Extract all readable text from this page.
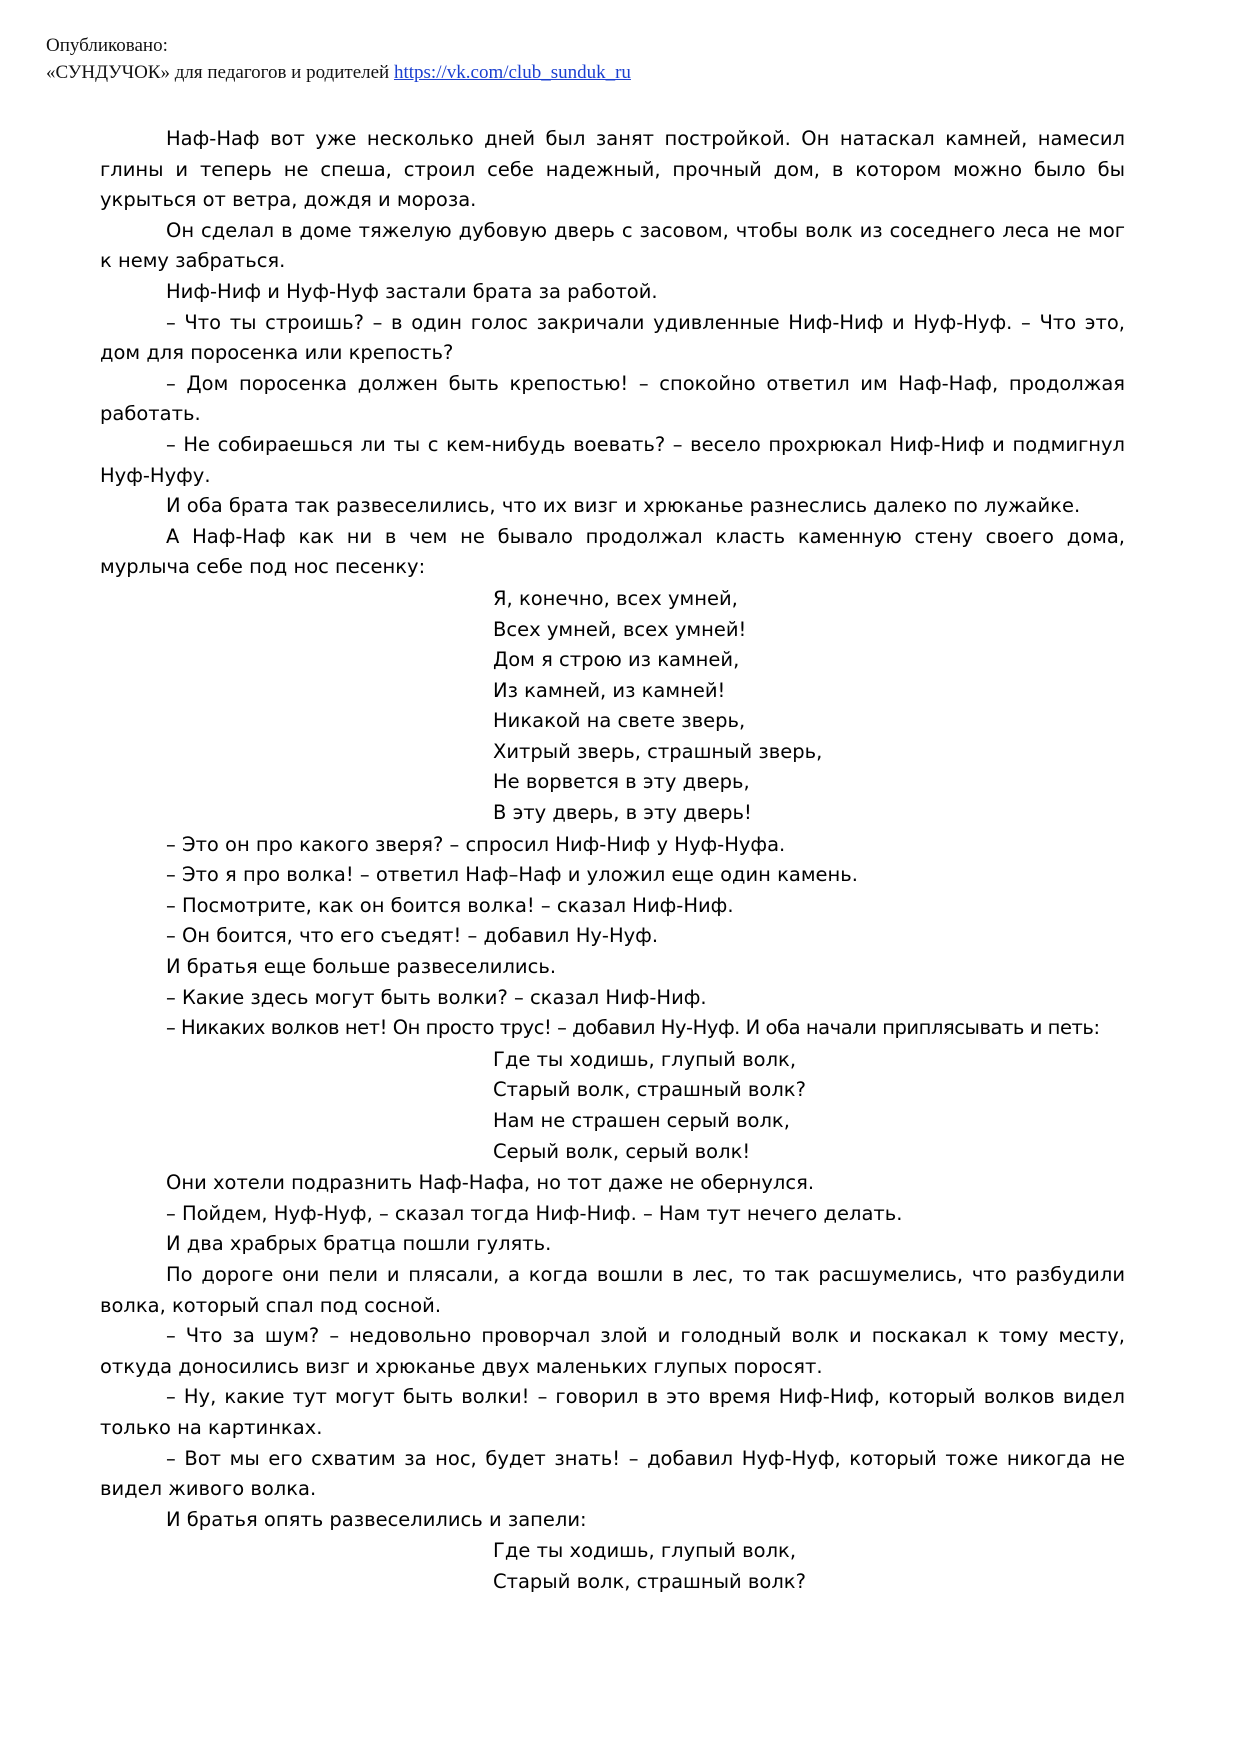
Опубликовано:
«СУНДУЧОК» для педагогов и родителей https://vk.com/club_sunduk_ru

Наф-Наф вот уже несколько дней был занят постройкой. Он натаскал камней, намесил глины и теперь не спеша, строил себе надежный, прочный дом, в котором можно было бы укрыться от ветра, дождя и мороза.

Он сделал в доме тяжелую дубовую дверь с засовом, чтобы волк из соседнего леса не мог к нему забраться.

Ниф-Ниф и Нуф-Нуф застали брата за работой.

– Что ты строишь? – в один голос закричали удивленные Ниф-Ниф и Нуф-Нуф. – Что это, дом для поросенка или крепость?

– Дом поросенка должен быть крепостью! – спокойно ответил им Наф-Наф, продолжая работать.

– Не собираешься ли ты с кем-нибудь воевать? – весело прохрюкал Ниф-Ниф и подмигнул Нуф-Нуфу.

И оба брата так развеселились, что их визг и хрюканье разнеслись далеко по лужайке.

А Наф-Наф как ни в чем не бывало продолжал класть каменную стену своего дома, мурлыча себе под нос песенку:

Я, конечно, всех умней,
Всех умней, всех умней!
Дом я строю из камней,
Из камней, из камней!
Никакой на свете зверь,
Хитрый зверь, страшный зверь,
Не ворвется в эту дверь,
В эту дверь, в эту дверь!
– Это он про какого зверя? – спросил Ниф-Ниф у Нуф-Нуфа.
– Это я про волка! – ответил Наф–Наф и уложил еще один камень.
– Посмотрите, как он боится волка! – сказал Ниф-Ниф.
– Он боится, что его съедят! – добавил Ну-Нуф.
И братья еще больше развеселились.
– Какие здесь могут быть волки? – сказал Ниф-Ниф.
– Никаких волков нет! Он просто трус! – добавил Ну-Нуф. И оба начали приплясывать и петь:
Где ты ходишь, глупый волк,
Старый волк, страшный волк?
Нам не страшен серый волк,
Серый волк, серый волк!
Они хотели подразнить Наф-Нафа, но тот даже не обернулся.
– Пойдем, Нуф-Нуф, – сказал тогда Ниф-Ниф. – Нам тут нечего делать.
И два храбрых братца пошли гулять.

По дороге они пели и плясали, а когда вошли в лес, то так расшумелись, что разбудили волка, который спал под сосной.

– Что за шум? – недовольно проворчал злой и голодный волк и поскакал к тому месту, откуда доносились визг и хрюканье двух маленьких глупых поросят.

– Ну, какие тут могут быть волки! – говорил в это время Ниф-Ниф, который волков видел только на картинках.

– Вот мы его схватим за нос, будет знать! – добавил Нуф-Нуф, который тоже никогда не видел живого волка.

И братья опять развеселились и запели:

Где ты ходишь, глупый волк,
Старый волк, страшный волк?
